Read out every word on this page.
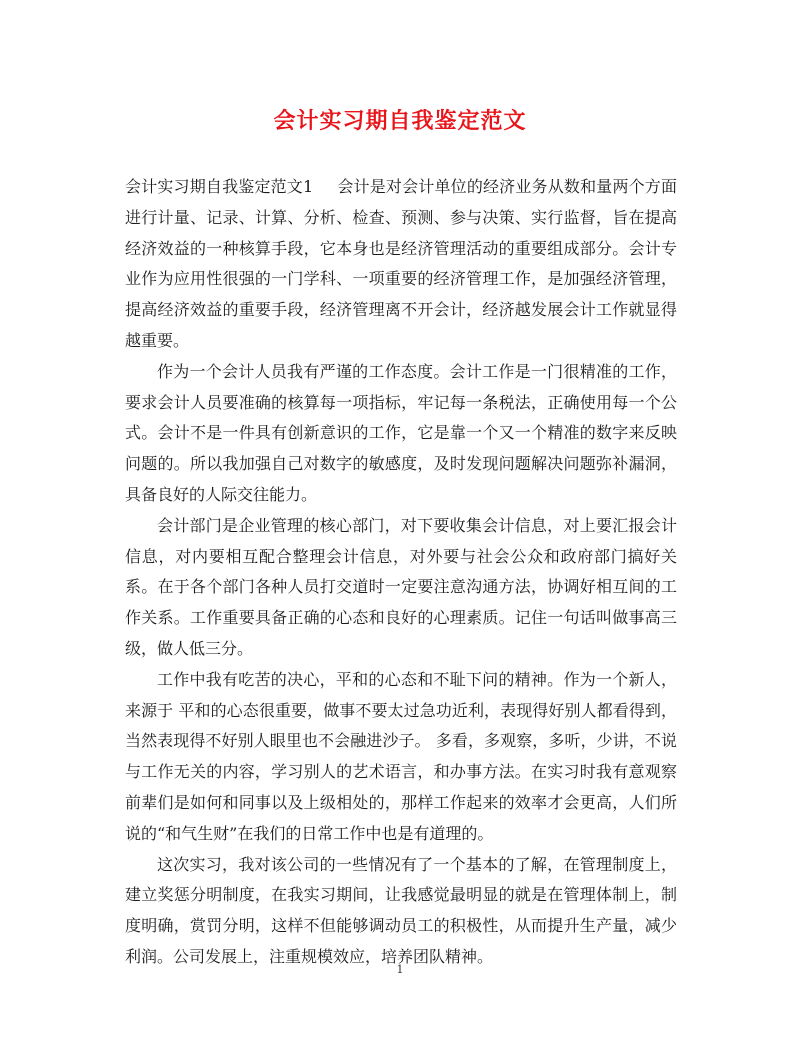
会计实习期自我鉴定范文

会计实习期自我鉴定范文1 会计是对会计单位的经济业务从数和量两个方面进行计量、记录、计算、分析、检查、预测、参与决策、实行监督，旨在提高经济效益的一种核算手段，它本身也是经济管理活动的重要组成部分。会计专业作为应用性很强的一门学科、一项重要的经济管理工作，是加强经济管理，提高经济效益的重要手段，经济管理离不开会计，经济越发展会计工作就显得越重要。

作为一个会计人员我有严谨的工作态度。会计工作是一门很精准的工作，要求会计人员要准确的核算每一项指标，牢记每一条税法，正确使用每一个公式。会计不是一件具有创新意识的工作，它是靠一个又一个精准的数字来反映问题的。所以我加强自己对数字的敏感度，及时发现问题解决问题弥补漏洞，具备良好的人际交往能力。

会计部门是企业管理的核心部门，对下要收集会计信息，对上要汇报会计信息，对内要相互配合整理会计信息，对外要与社会公众和政府部门搞好关系。在于各个部门各种人员打交道时一定要注意沟通方法，协调好相互间的工作关系。工作重要具备正确的心态和良好的心理素质。记住一句话叫做事高三级，做人低三分。

工作中我有吃苦的决心，平和的心态和不耻下问的精神。作为一个新人，来源于 平和的心态很重要，做事不要太过急功近利，表现得好别人都看得到，当然表现得不好别人眼里也不会融进沙子。 多看，多观察，多听，少讲，不说与工作无关的内容，学习别人的艺术语言，和办事方法。在实习时我有意观察前辈们是如何和同事以及上级相处的，那样工作起来的效率才会更高，人们所说的“和气生财”在我们的日常工作中也是有道理的。

这次实习，我对该公司的一些情况有了一个基本的了解，在管理制度上，建立奖惩分明制度，在我实习期间，让我感觉最明显的就是在管理体制上，制度明确，赏罚分明，这样不但能够调动员工的积极性，从而提升生产量，减少利润。公司发展上，注重规模效应，培养团队精神。

1
